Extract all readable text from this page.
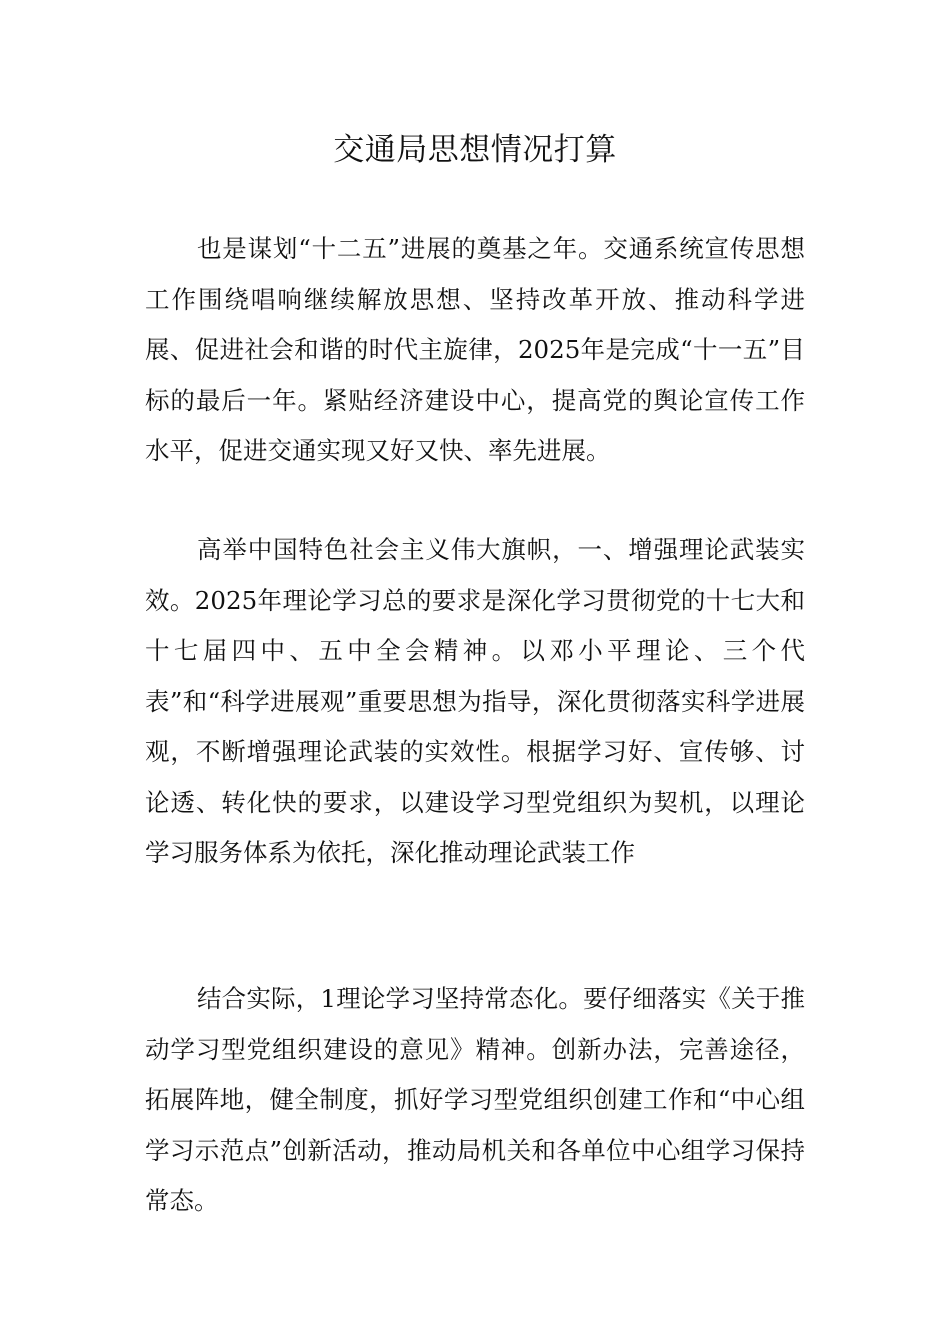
交通局思想情况打算

也是谋划“十二五”进展的奠基之年。交通系统宣传思想工作围绕唱响继续解放思想、坚持改革开放、推动科学进展、促进社会和谐的时代主旋律，2025年是完成“十一五”目标的最后一年。紧贴经济建设中心，提高党的舆论宣传工作水平，促进交通实现又好又快、率先进展。

高举中国特色社会主义伟大旗帜，一、增强理论武装实效。2025年理论学习总的要求是深化学习贯彻党的十七大和十七届四中、五中全会精神。以邓小平理论、三个代表”和“科学进展观”重要思想为指导，深化贯彻落实科学进展观，不断增强理论武装的实效性。根据学习好、宣传够、讨论透、转化快的要求，以建设学习型党组织为契机，以理论学习服务体系为依托，深化推动理论武装工作

结合实际，1理论学习坚持常态化。要仔细落实《关于推动学习型党组织建设的意见》精神。创新办法，完善途径，拓展阵地，健全制度，抓好学习型党组织创建工作和“中心组学习示范点”创新活动，推动局机关和各单位中心组学习保持常态。
